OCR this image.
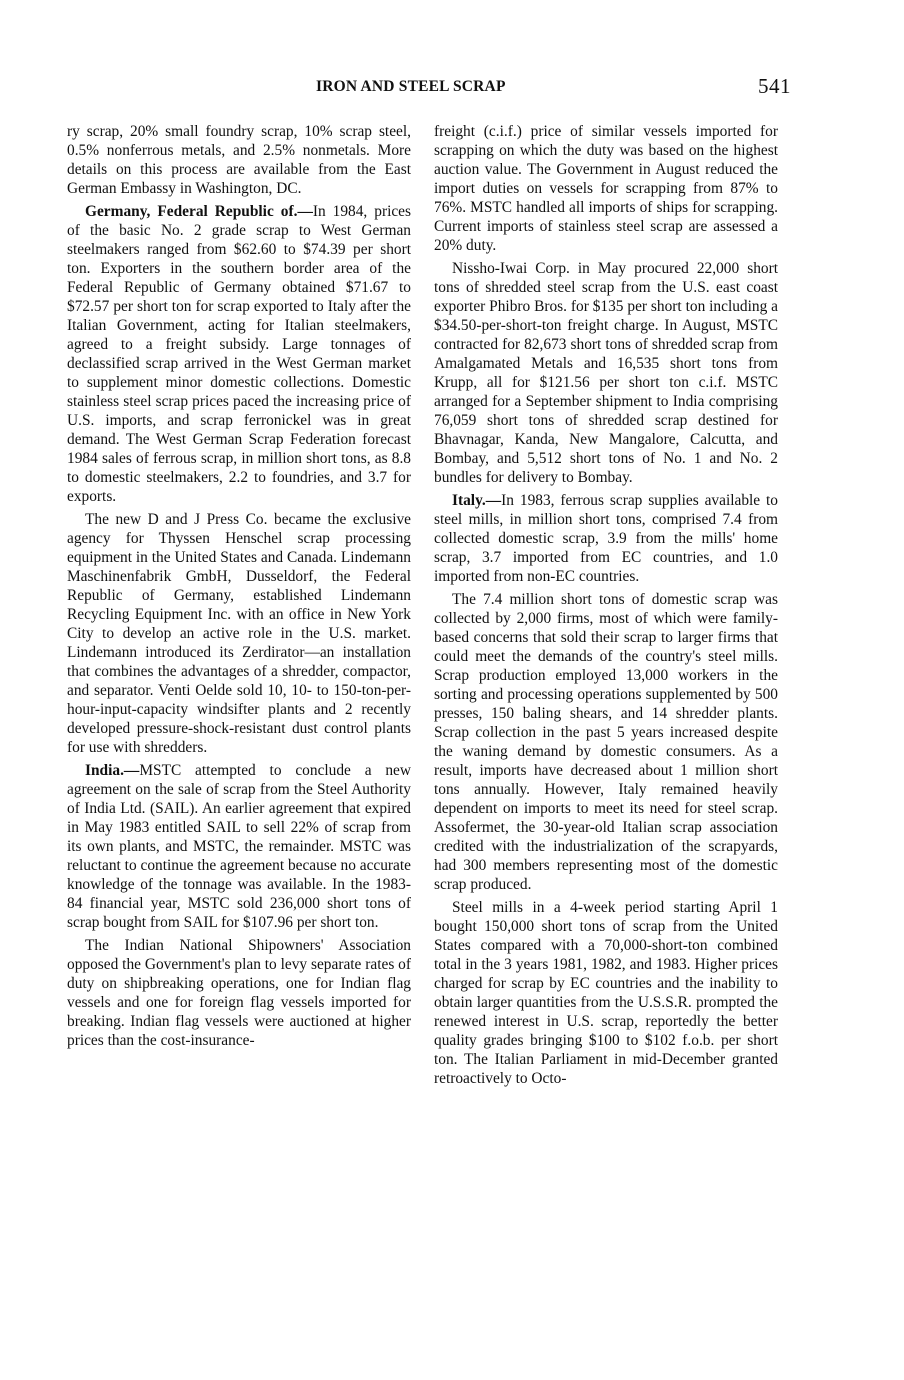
IRON AND STEEL SCRAP	541

ry scrap, 20% small foundry scrap, 10% scrap steel, 0.5% nonferrous metals, and 2.5% nonmetals. More details on this process are available from the East German Embassy in Washington, DC.

Germany, Federal Republic of.—In 1984, prices of the basic No. 2 grade scrap to West German steelmakers ranged from $62.60 to $74.39 per short ton. Exporters in the southern border area of the Federal Republic of Germany obtained $71.67 to $72.57 per short ton for scrap exported to Italy after the Italian Government, acting for Italian steelmakers, agreed to a freight subsidy. Large tonnages of declassified scrap arrived in the West German market to supplement minor domestic collections. Domestic stainless steel scrap prices paced the increasing price of U.S. imports, and scrap ferronickel was in great demand. The West German Scrap Federation forecast 1984 sales of ferrous scrap, in million short tons, as 8.8 to domestic steelmakers, 2.2 to foundries, and 3.7 for exports.

The new D and J Press Co. became the exclusive agency for Thyssen Henschel scrap processing equipment in the United States and Canada. Lindemann Maschinenfabrik GmbH, Dusseldorf, the Federal Republic of Germany, established Lindemann Recycling Equipment Inc. with an office in New York City to develop an active role in the U.S. market. Lindemann introduced its Zerdirator—an installation that combines the advantages of a shredder, compactor, and separator. Venti Oelde sold 10, 10- to 150-ton-per-hour-input-capacity windsifter plants and 2 recently developed pressure-shock-resistant dust control plants for use with shredders.

India.—MSTC attempted to conclude a new agreement on the sale of scrap from the Steel Authority of India Ltd. (SAIL). An earlier agreement that expired in May 1983 entitled SAIL to sell 22% of scrap from its own plants, and MSTC, the remainder. MSTC was reluctant to continue the agreement because no accurate knowledge of the tonnage was available. In the 1983-84 financial year, MSTC sold 236,000 short tons of scrap bought from SAIL for $107.96 per short ton.

The Indian National Shipowners' Association opposed the Government's plan to levy separate rates of duty on shipbreaking operations, one for Indian flag vessels and one for foreign flag vessels imported for breaking. Indian flag vessels were auctioned at higher prices than the cost-insurance-

freight (c.i.f.) price of similar vessels imported for scrapping on which the duty was based on the highest auction value. The Government in August reduced the import duties on vessels for scrapping from 87% to 76%. MSTC handled all imports of ships for scrapping. Current imports of stainless steel scrap are assessed a 20% duty.

Nissho-Iwai Corp. in May procured 22,000 short tons of shredded steel scrap from the U.S. east coast exporter Phibro Bros. for $135 per short ton including a $34.50-per-short-ton freight charge. In August, MSTC contracted for 82,673 short tons of shredded scrap from Amalgamated Metals and 16,535 short tons from Krupp, all for $121.56 per short ton c.i.f. MSTC arranged for a September shipment to India comprising 76,059 short tons of shredded scrap destined for Bhavnagar, Kanda, New Mangalore, Calcutta, and Bombay, and 5,512 short tons of No. 1 and No. 2 bundles for delivery to Bombay.

Italy.—In 1983, ferrous scrap supplies available to steel mills, in million short tons, comprised 7.4 from collected domestic scrap, 3.9 from the mills' home scrap, 3.7 imported from EC countries, and 1.0 imported from non-EC countries.

The 7.4 million short tons of domestic scrap was collected by 2,000 firms, most of which were family-based concerns that sold their scrap to larger firms that could meet the demands of the country's steel mills. Scrap production employed 13,000 workers in the sorting and processing operations supplemented by 500 presses, 150 baling shears, and 14 shredder plants. Scrap collection in the past 5 years increased despite the waning demand by domestic consumers. As a result, imports have decreased about 1 million short tons annually. However, Italy remained heavily dependent on imports to meet its need for steel scrap. Assofermet, the 30-year-old Italian scrap association credited with the industrialization of the scrapyards, had 300 members representing most of the domestic scrap produced.

Steel mills in a 4-week period starting April 1 bought 150,000 short tons of scrap from the United States compared with a 70,000-short-ton combined total in the 3 years 1981, 1982, and 1983. Higher prices charged for scrap by EC countries and the inability to obtain larger quantities from the U.S.S.R. prompted the renewed interest in U.S. scrap, reportedly the better quality grades bringing $100 to $102 f.o.b. per short ton. The Italian Parliament in mid-December granted retroactively to Octo-
